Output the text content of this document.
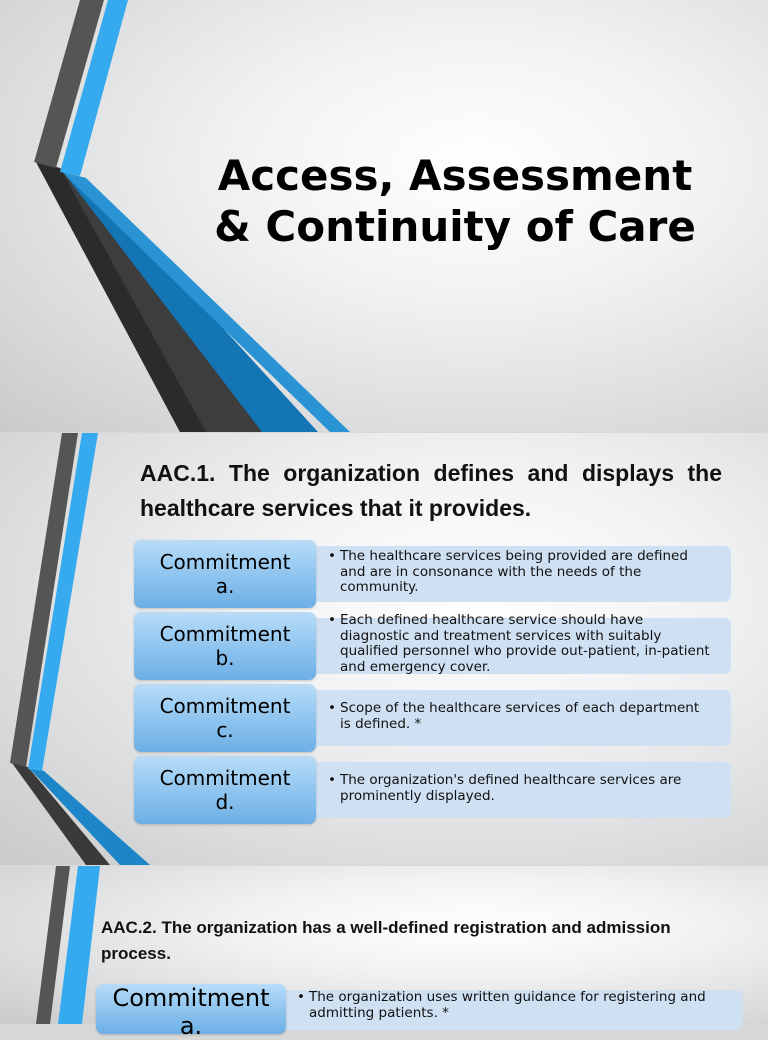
Access, Assessment
& Continuity of Care
AAC.1. The organization defines and displays the healthcare services that it provides.
Commitment
a.
• The healthcare services being provided are defined and are in consonance with the needs of the community.
Commitment
b.
• Each defined healthcare service should have diagnostic and treatment services with suitably qualified personnel who provide out-patient, in-patient and emergency cover.
Commitment
c.
• Scope of the healthcare services of each department is defined. *
Commitment
d.
• The organization's defined healthcare services are prominently displayed.
AAC.2. The organization has a well-defined registration and admission process.
Commitment
a.
• The organization uses written guidance for registering and admitting patients. *
